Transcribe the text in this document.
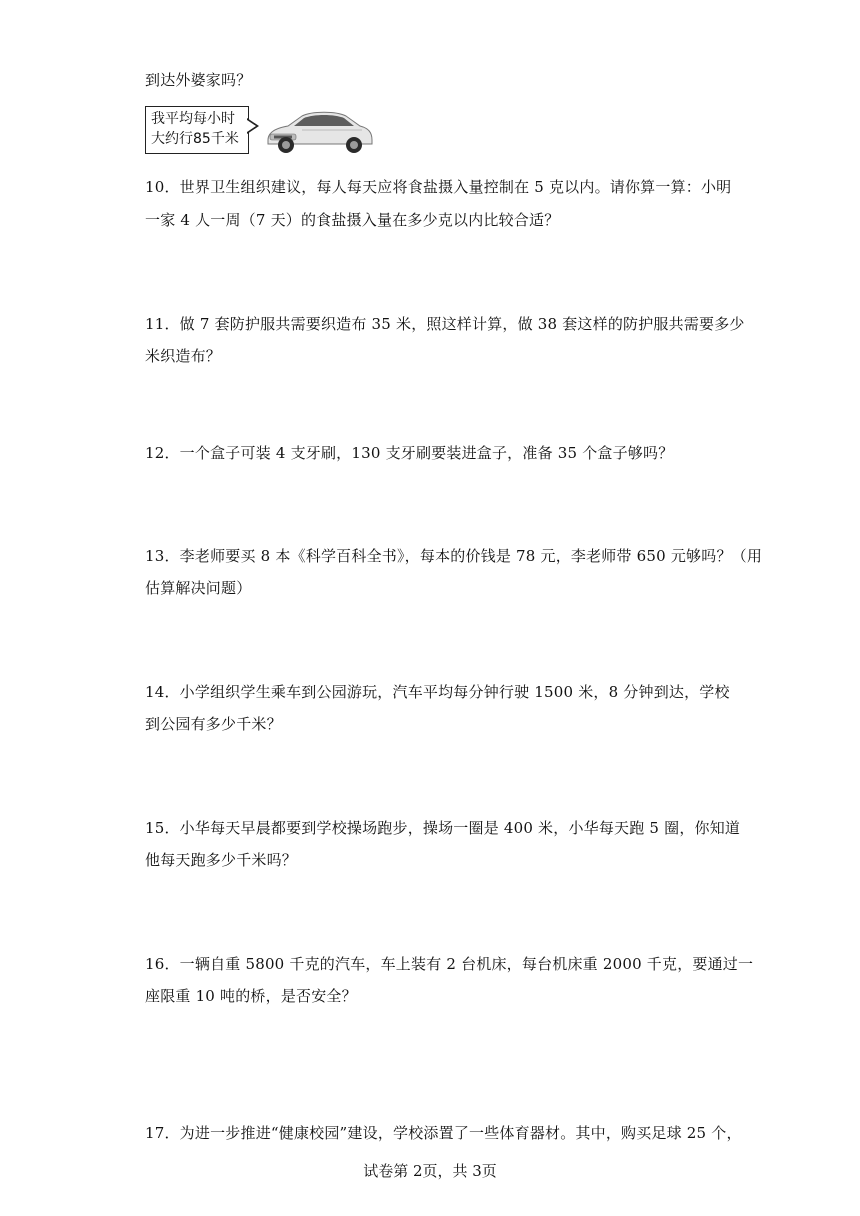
到达外婆家吗？
我平均每小时
大约行85千米
10．世界卫生组织建议，每人每天应将食盐摄入量控制在 5 克以内。请你算一算：小明
一家 4 人一周（7 天）的食盐摄入量在多少克以内比较合适？
11．做 7 套防护服共需要织造布 35 米，照这样计算，做 38 套这样的防护服共需要多少
米织造布？
12．一个盒子可装 4 支牙刷，130 支牙刷要装进盒子，准备 35 个盒子够吗？
13．李老师要买 8 本《科学百科全书》，每本的价钱是 78 元，李老师带 650 元够吗？（用
估算解决问题）
14．小学组织学生乘车到公园游玩，汽车平均每分钟行驶 1500 米，8 分钟到达，学校
到公园有多少千米？
15．小华每天早晨都要到学校操场跑步，操场一圈是 400 米，小华每天跑 5 圈，你知道
他每天跑多少千米吗？
16．一辆自重 5800 千克的汽车，车上装有 2 台机床，每台机床重 2000 千克，要通过一
座限重 10 吨的桥，是否安全？
17．为进一步推进“健康校园”建设，学校添置了一些体育器材。其中，购买足球 25 个，
试卷第 2页，共 3页
